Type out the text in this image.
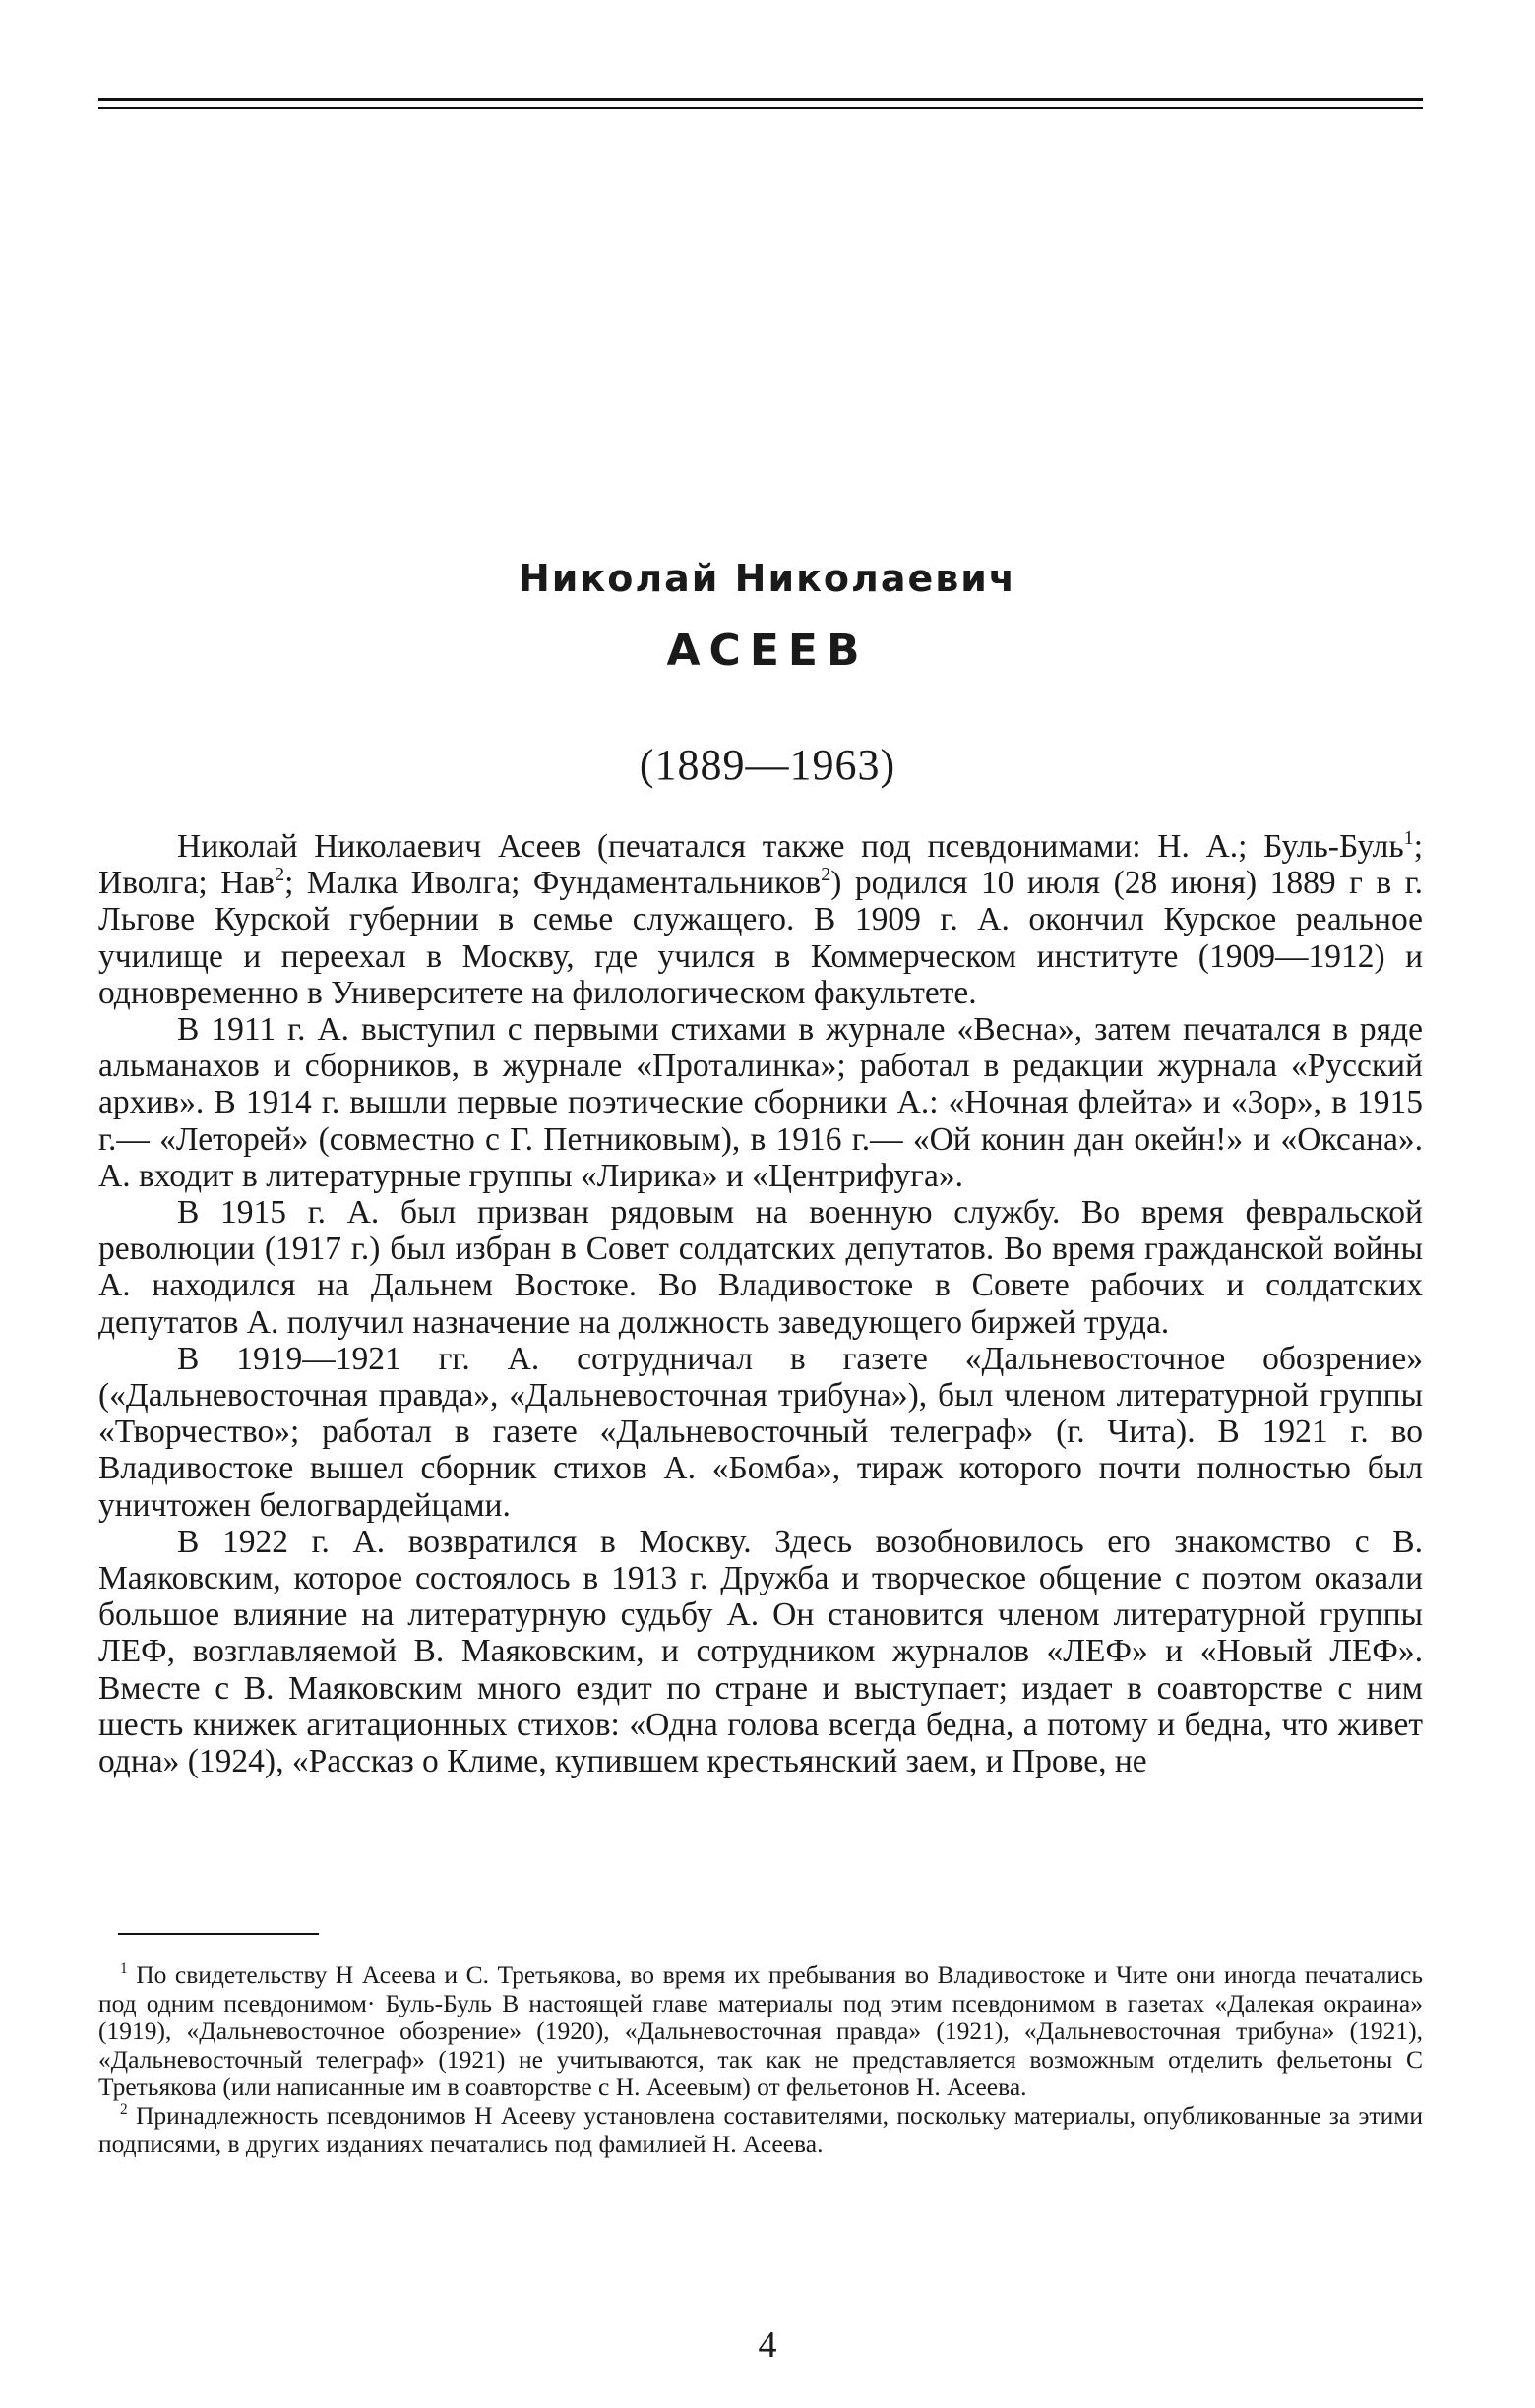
Николай Николаевич
АСЕЕВ
(1889—1963)

Николай Николаевич Асеев (печатался также под псевдонимами: Н. А.; Буль-Буль$^1$; Иволга; Нав$^2$; Малка Иволга; Фундаментальников$^2$) родился 10 июля (28 июня) 1889 г в г. Льгове Курской губернии в семье служащего. В 1909 г. А. окончил Курское реальное училище и переехал в Москву, где учился в Коммерческом институте (1909—1912) и одновременно в Университете на филологическом факультете.

В 1911 г. А. выступил с первыми стихами в журнале «Весна», затем печатался в ряде альманахов и сборников, в журнале «Проталинка»; работал в редакции журнала «Русский архив». В 1914 г. вышли первые поэтические сборники А.: «Ночная флейта» и «Зор», в 1915 г.— «Леторей» (совместно с Г. Петниковым), в 1916 г.— «Ой конин дан окейн!» и «Оксана». А. входит в литературные группы «Лирика» и «Центрифуга».

В 1915 г. А. был призван рядовым на военную службу. Во время февральской революции (1917 г.) был избран в Совет солдатских депутатов. Во время гражданской войны А. находился на Дальнем Востоке. Во Владивостоке в Совете рабочих и солдатских депутатов А. получил назначение на должность заведующего биржей труда.

В 1919—1921 гг. А. сотрудничал в газете «Дальневосточное обозрение» («Дальневосточная правда», «Дальневосточная трибуна»), был членом литературной группы «Творчество»; работал в газете «Дальневосточный телеграф» (г. Чита). В 1921 г. во Владивостоке вышел сборник стихов А. «Бомба», тираж которого почти полностью был уничтожен белогвардейцами.

В 1922 г. А. возвратился в Москву. Здесь возобновилось его знакомство с В. Маяковским, которое состоялось в 1913 г. Дружба и творческое общение с поэтом оказали большое влияние на литературную судьбу А. Он становится членом литературной группы ЛЕФ, возглавляемой В. Маяковским, и сотрудником журналов «ЛЕФ» и «Новый ЛЕФ». Вместе с В. Маяковским много ездит по стране и выступает; издает в соавторстве с ним шесть книжек агитационных стихов: «Одна голова всегда бедна, а потому и бедна, что живет одна» (1924), «Рассказ о Климе, купившем крестьянский заем, и Прове, не

$^1$ По свидетельству Н Асеева и С. Третьякова, во время их пребывания во Владивостоке и Чите они иногда печатались под одним псевдонимом· Буль-Буль В настоящей главе материалы под этим псевдонимом в газетах «Далекая окраина» (1919), «Дальневосточное обозрение» (1920), «Дальневосточная правда» (1921), «Дальневосточная трибуна» (1921), «Дальневосточный телеграф» (1921) не учитываются, так как не представляется возможным отделить фельетоны С Третьякова (или написанные им в соавторстве с Н. Асеевым) от фельетонов Н. Асеева.

$^2$ Принадлежность псевдонимов Н Асееву установлена составителями, поскольку материалы, опубликованные за этими подписями, в других изданиях печатались под фамилией Н. Асеева.

4
